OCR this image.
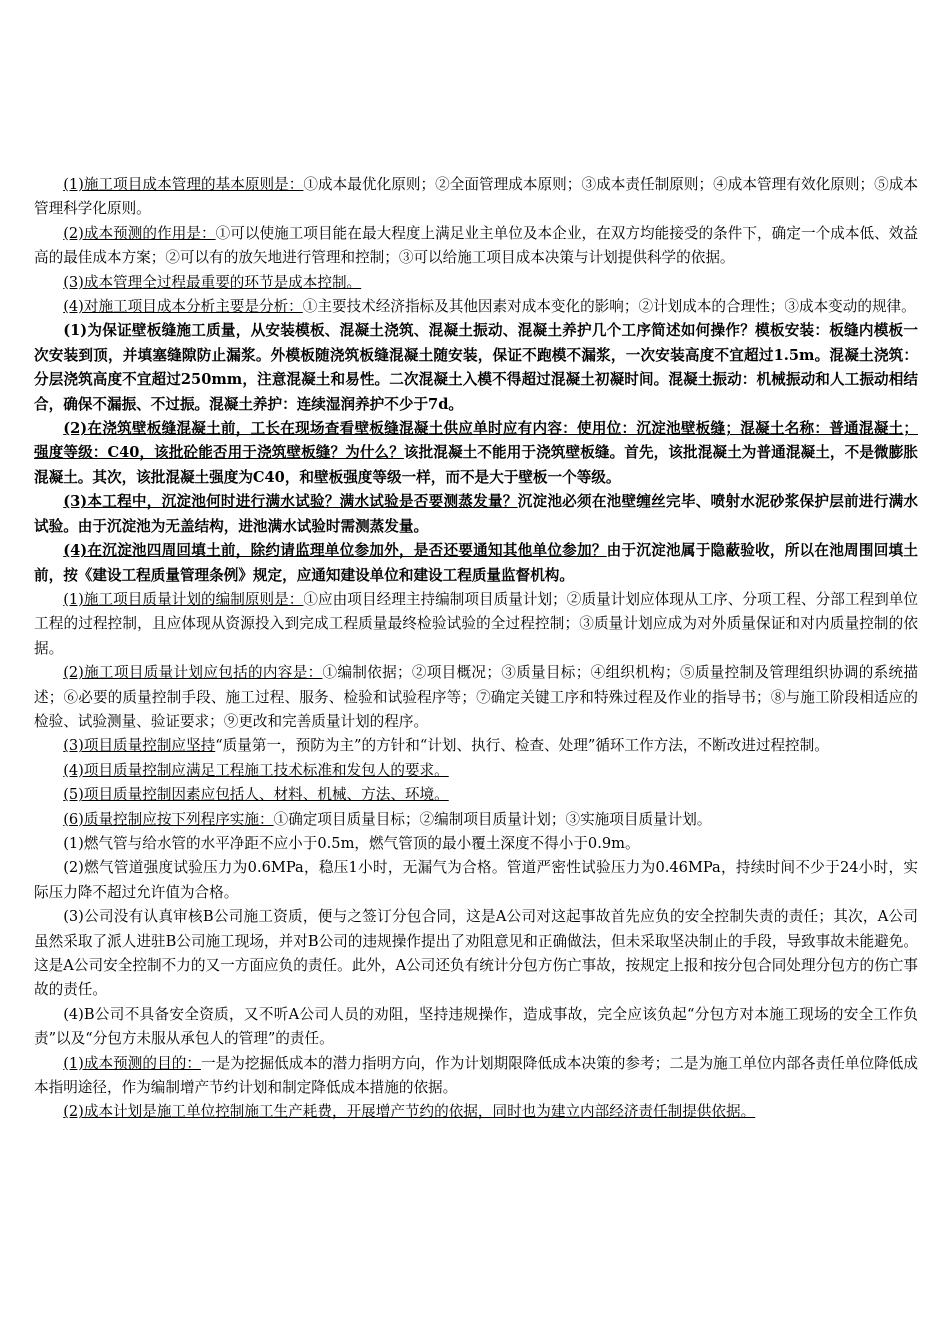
(1)施工项目成本管理的基本原则是：①成本最优化原则；②全面管理成本原则；③成本责任制原则；④成本管理有效化原则；⑤成本管理科学化原则。

(2)成本预测的作用是：①可以使施工项目能在最大程度上满足业主单位及本企业，在双方均能接受的条件下，确定一个成本低、效益高的最佳成本方案；②可以有的放矢地进行管理和控制；③可以给施工项目成本决策与计划提供科学的依据。

(3)成本管理全过程最重要的环节是成本控制。

(4)对施工项目成本分析主要是分析：①主要技术经济指标及其他因素对成本变化的影响；②计划成本的合理性；③成本变动的规律。

(1)为保证壁板缝施工质量，从安装模板、混凝土浇筑、混凝土振动、混凝土养护几个工序简述如何操作？模板安装：板缝内模板一次安装到顶，并填塞缝隙防止漏浆。外模板随浇筑板缝混凝土随安装，保证不跑模不漏浆，一次安装高度不宜超过1.5m。混凝土浇筑：分层浇筑高度不宜超过250mm，注意混凝土和易性。二次混凝土入模不得超过混凝土初凝时间。混凝土振动：机械振动和人工振动相结合，确保不漏振、不过振。混凝土养护：连续湿润养护不少于7d。

(2)在浇筑壁板缝混凝土前，工长在现场查看壁板缝混凝土供应单时应有内容：使用位：沉淀池壁板缝；混凝土名称：普通混凝土；强度等级：C40，该批砼能否用于浇筑壁板缝？为什么？该批混凝土不能用于浇筑壁板缝。首先，该批混凝土为普通混凝土，不是微膨胀混凝土。其次，该批混凝土强度为C40，和壁板强度等级一样，而不是大于壁板一个等级。

(3)本工程中，沉淀池何时进行满水试验？满水试验是否要测蒸发量？沉淀池必须在池壁缠丝完毕、喷射水泥砂浆保护层前进行满水试验。由于沉淀池为无盖结构，进池满水试验时需测蒸发量。

(4)在沉淀池四周回填土前，除约请监理单位参加外，是否还要通知其他单位参加？由于沉淀池属于隐蔽验收，所以在池周围回填土前，按《建设工程质量管理条例》规定，应通知建设单位和建设工程质量监督机构。

(1)施工项目质量计划的编制原则是：①应由项目经理主持编制项目质量计划；②质量计划应体现从工序、分项工程、分部工程到单位工程的过程控制，且应体现从资源投入到完成工程质量最终检验试验的全过程控制；③质量计划应成为对外质量保证和对内质量控制的依据。

(2)施工项目质量计划应包括的内容是：①编制依据；②项目概况；③质量目标；④组织机构；⑤质量控制及管理组织协调的系统描述；⑥必要的质量控制手段、施工过程、服务、检验和试验程序等；⑦确定关键工序和特殊过程及作业的指导书；⑧与施工阶段相适应的检验、试验测量、验证要求；⑨更改和完善质量计划的程序。

(3)项目质量控制应坚持“质量第一，预防为主”的方针和“计划、执行、检查、处理”循环工作方法，不断改进过程控制。

(4)项目质量控制应满足工程施工技术标准和发包人的要求。

(5)项目质量控制因素应包括人、材料、机械、方法、环境。

(6)质量控制应按下列程序实施：①确定项目质量目标；②编制项目质量计划；③实施项目质量计划。

(1)燃气管与给水管的水平净距不应小于0.5m，燃气管顶的最小覆土深度不得小于0.9m。

(2)燃气管道强度试验压力为0.6MPa，稳压1小时，无漏气为合格。管道严密性试验压力为0.46MPa，持续时间不少于24小时，实际压力降不超过允许值为合格。

(3)公司没有认真审核B公司施工资质，便与之签订分包合同，这是A公司对这起事故首先应负的安全控制失责的责任；其次，A公司虽然采取了派人进驻B公司施工现场，并对B公司的违规操作提出了劝阻意见和正确做法，但未采取坚决制止的手段，导致事故未能避免。这是A公司安全控制不力的又一方面应负的责任。此外，A公司还负有统计分包方伤亡事故，按规定上报和按分包合同处理分包方的伤亡事故的责任。

(4)B公司不具备安全资质，又不听A公司人员的劝阻，坚持违规操作，造成事故，完全应该负起“分包方对本施工现场的安全工作负责”以及“分包方未服从承包人的管理”的责任。

(1)成本预测的目的：一是为挖掘低成本的潜力指明方向，作为计划期限降低成本决策的参考；二是为施工单位内部各责任单位降低成本指明途径，作为编制增产节约计划和制定降低成本措施的依据。

(2)成本计划是施工单位控制施工生产耗费，开展增产节约的依据，同时也为建立内部经济责任制提供依据。
